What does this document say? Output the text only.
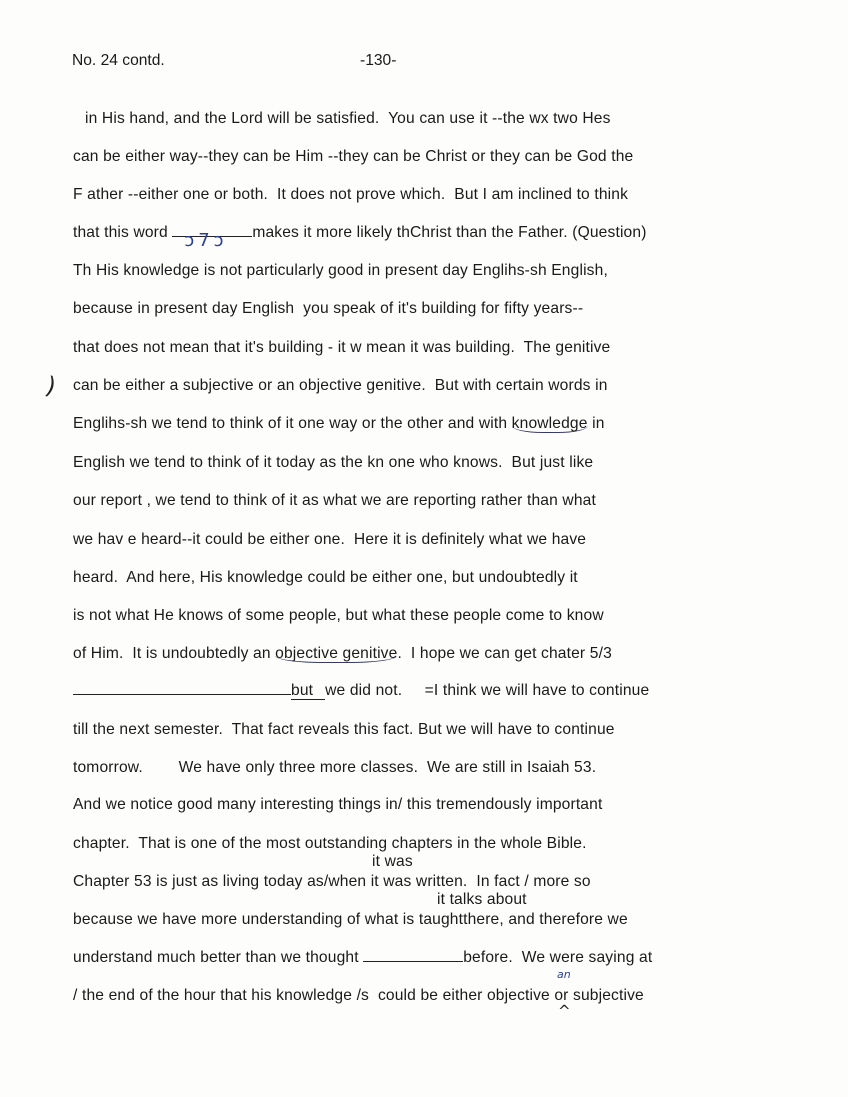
No. 24 contd.	-130-
in His hand, and the Lord will be satisfied.  You can use it --the wx two Hes
can be either way--they can be Him --they can be Christ or they can be God the
F ather --either one or both.  It does not prove which.  But I am inclined to think
that this word ɔ7ɔ makes it more likely thChrist than the Father. (Question)
Th His knowledge is not particularly good in present day Englihs-sh English,
because in present day English  you speak of it's building for fifty years--
that does not mean that it's building - it w mean it was building.  The genitive
can be either a subjective or an objective genitive.  But with certain words in
Englihs-sh we tend to think of it one way or the other and with knowledge in
English we tend to think of it today as the kn one who knows.  But just like
our report , we tend to think of it as what we are reporting rather than what
we hav e heard--it could be either one.  Here it is definitely what we have
heard.  And here, His knowledge could be either one, but undoubtedly it
is not what He knows of some people, but what these people come to know
of Him.  It is undoubtedly an objective genitive.  I hope we can get chater 5/3
but we did not.     =I think we will have to continue
till the next semester.  That fact reveals this fact. But we will have to continue
tomorrow.        We have only three more classes.  We are still in Isaiah 53.
And we notice good many interesting things in/ this tremendously important
chapter.  That is one of the most outstanding chapters in the whole Bible.
it was
Chapter 53 is just as living today as/when it was written.  In fact / more so
it talks about
because we have more understanding of what is taughtthere, and therefore we
understand much better than we thought	before.  We were saying at
/ the end of the hour that his knowledge /s  could be either objective or subjective
an
^
)
